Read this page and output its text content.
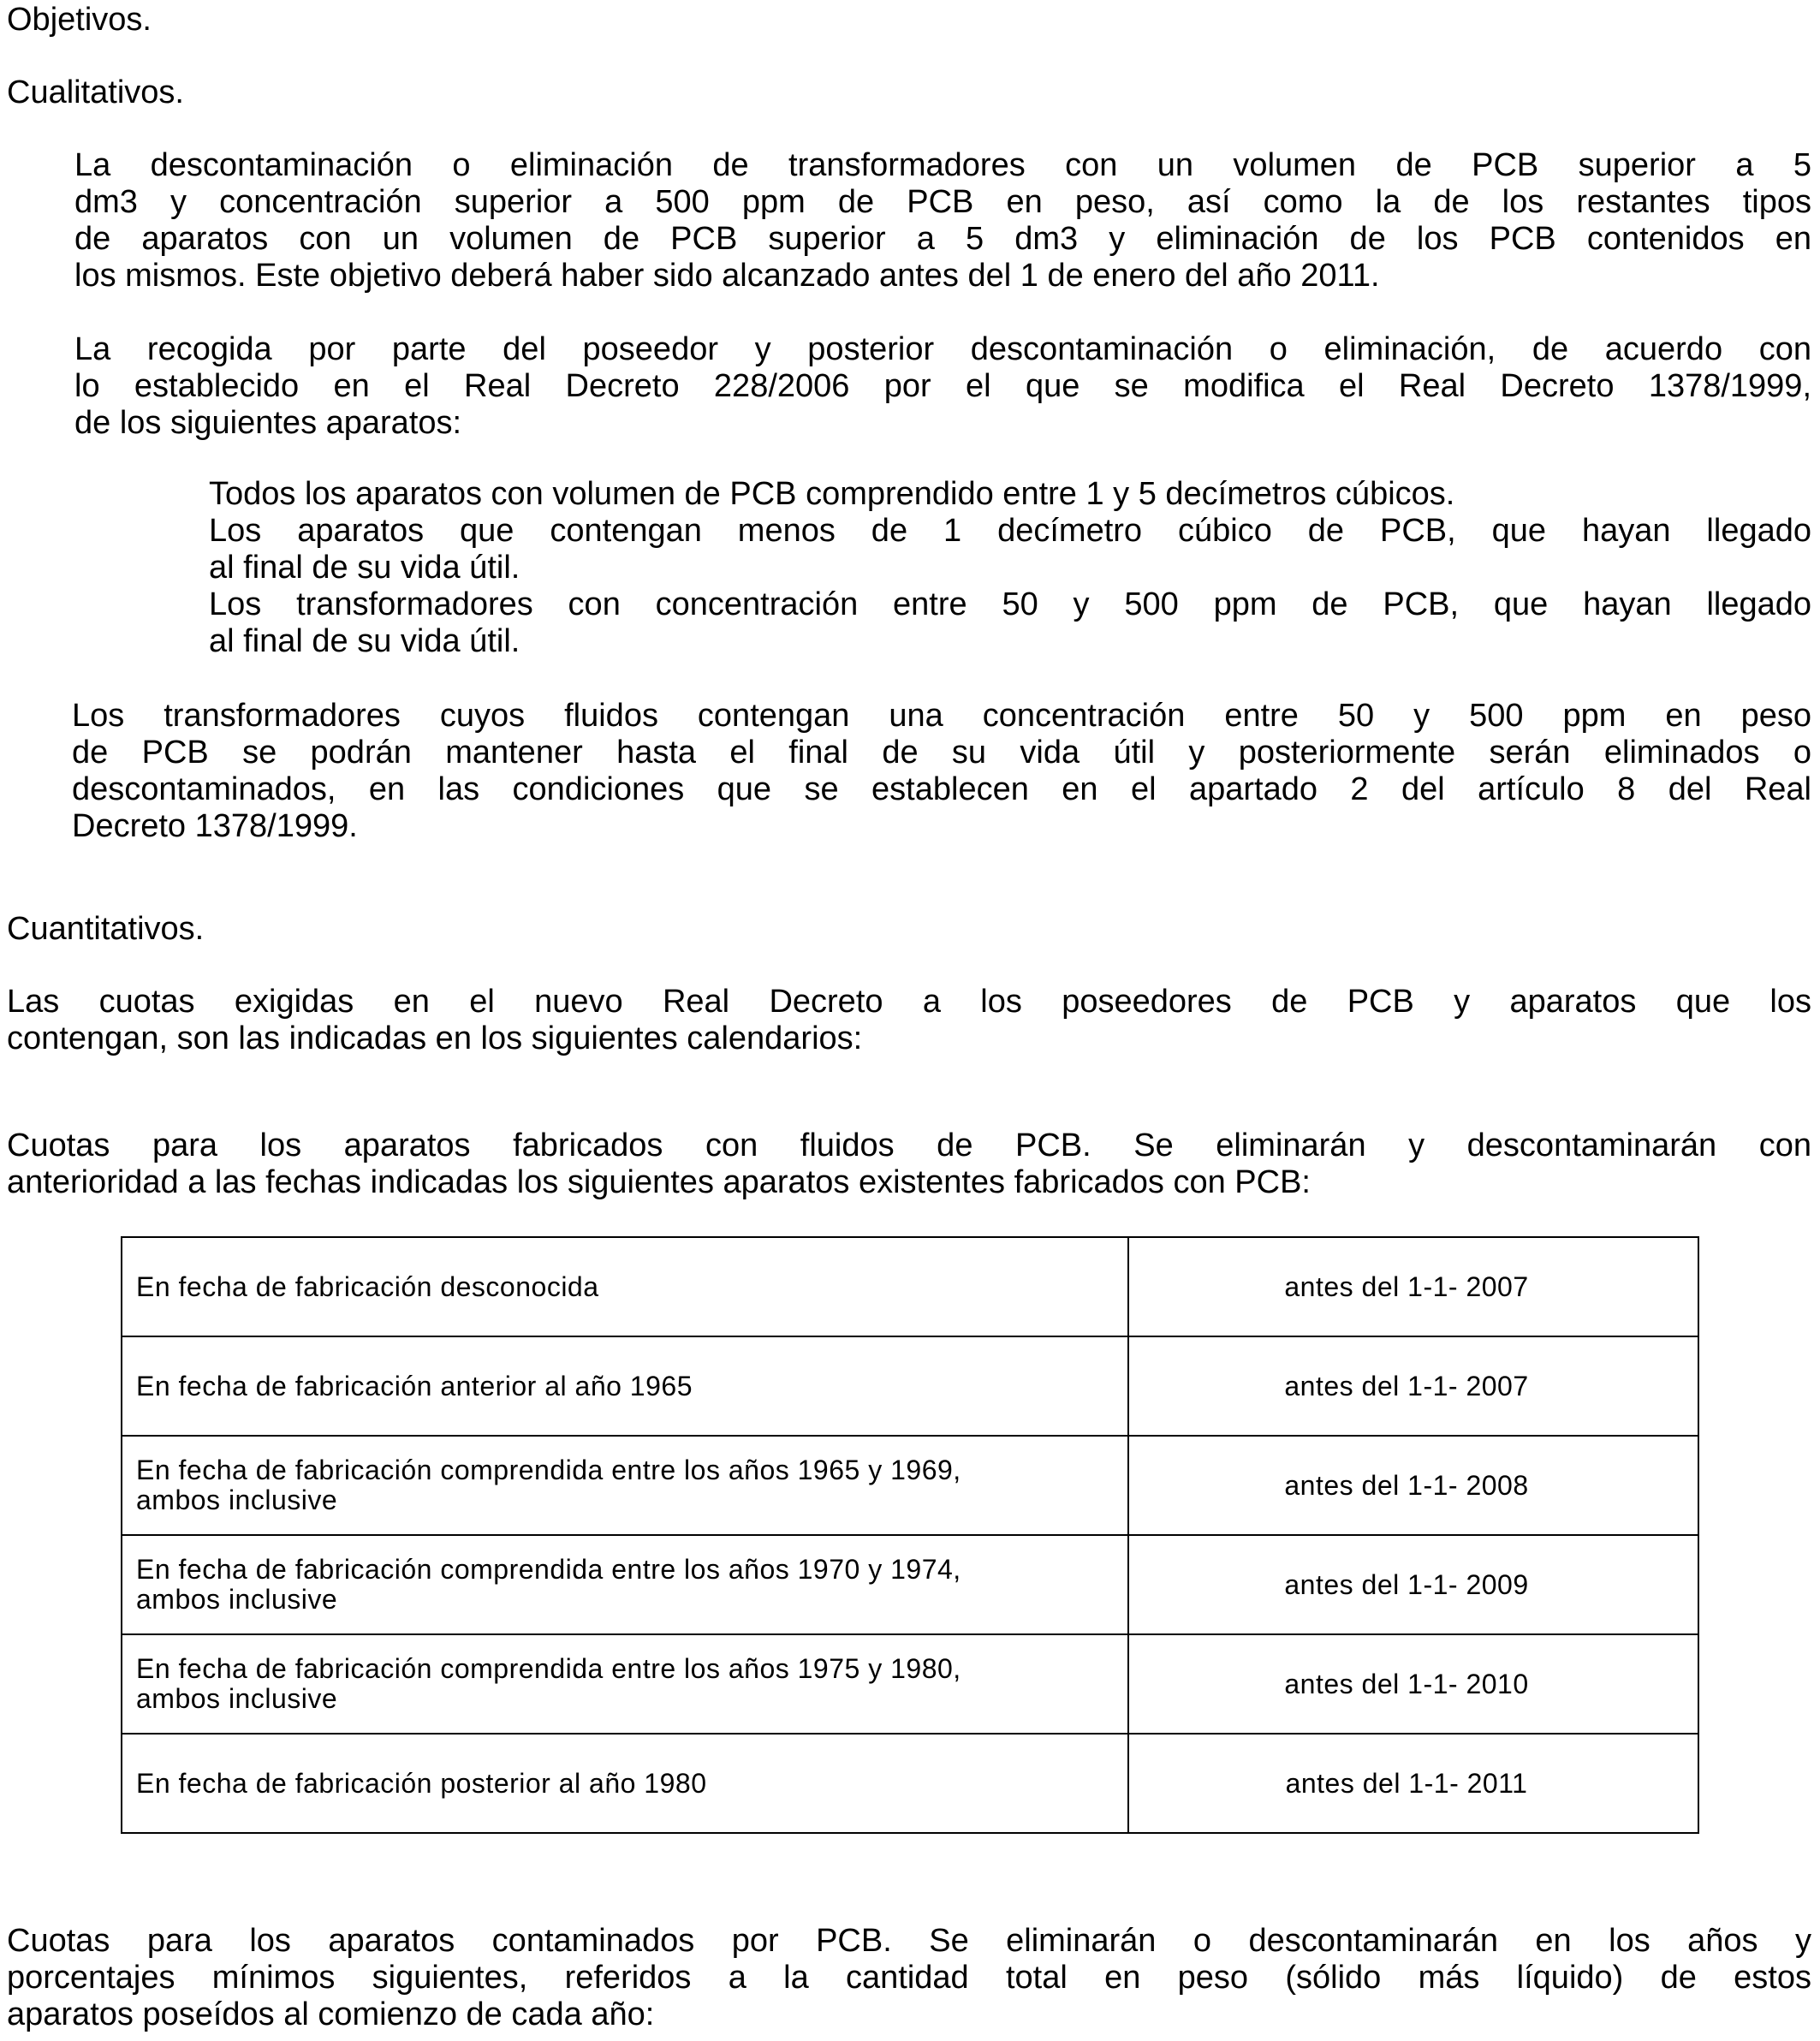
Objetivos.

Cualitativos.

La descontaminación o eliminación de transformadores con un volumen de PCB superior a 5
dm3 y concentración superior a 500 ppm de PCB en peso, así como la de los restantes tipos
de aparatos con un volumen de PCB superior a 5 dm3 y eliminación de los PCB contenidos en
los mismos. Este objetivo deberá haber sido alcanzado antes del 1 de enero del año 2011.
La recogida por parte del poseedor y posterior descontaminación o eliminación, de acuerdo con
lo establecido en el Real Decreto 228/2006 por el que se modifica el Real Decreto 1378/1999,
de los siguientes aparatos:
Todos los aparatos con volumen de PCB comprendido entre 1 y 5 decímetros cúbicos.
Los aparatos que contengan menos de 1 decímetro cúbico de PCB, que hayan llegado
al final de su vida útil.
Los transformadores con concentración entre 50 y 500 ppm de PCB, que hayan llegado
al final de su vida útil.
Los transformadores cuyos fluidos contengan una concentración entre 50 y 500 ppm en peso
de PCB se podrán mantener hasta el final de su vida útil y posteriormente serán eliminados o
descontaminados, en las condiciones que se establecen en el apartado 2 del artículo 8 del Real
Decreto 1378/1999.

Cuantitativos.

Las cuotas exigidas en el nuevo Real Decreto a los poseedores de PCB y aparatos que los
contengan, son las indicadas en los siguientes calendarios:
Cuotas para los aparatos fabricados con fluidos de PCB. Se eliminarán y descontaminarán con
anterioridad a las fechas indicadas los siguientes aparatos existentes fabricados con PCB:
En fecha de fabricación desconocida	antes del 1-1- 2007
En fecha de fabricación anterior al año 1965	antes del 1-1- 2007
En fecha de fabricación comprendida entre los años 1965 y 1969,
ambos inclusive	antes del 1-1- 2008
En fecha de fabricación comprendida entre los años 1970 y 1974,
ambos inclusive	antes del 1-1- 2009
En fecha de fabricación comprendida entre los años 1975 y 1980,
ambos inclusive	antes del 1-1- 2010
En fecha de fabricación posterior al año 1980	antes del 1-1- 2011
Cuotas para los aparatos contaminados por PCB. Se eliminarán o descontaminarán en los años y
porcentajes mínimos siguientes, referidos a la cantidad total en peso (sólido más líquido) de estos
aparatos poseídos al comienzo de cada año:
